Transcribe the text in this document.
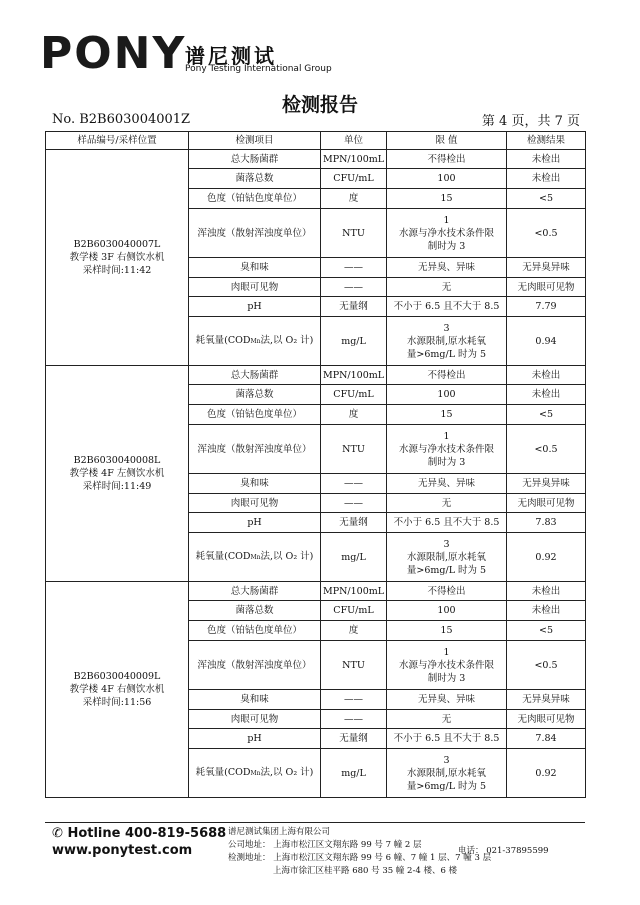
PONY
谱尼测试
Pony Testing International Group
检测报告
No. B2B603004001Z	第 4 页，共 7 页
样品编号/采样位置	检测项目	单位	限 值	检测结果

B2B6030040007L
教学楼 3F 右侧饮水机
采样时间:11:42	总大肠菌群	MPN/100mL	不得检出	未检出
	菌落总数	CFU/mL	100	未检出
	色度（铂钴色度单位）	度	15	<5
	浑浊度（散射浑浊度单位）	NTU	1
水源与净水技术条件限
制时为 3	<0.5
	臭和味	——	无异臭、异味	无异臭异味
	肉眼可见物	——	无	无肉眼可见物
	pH	无量纲	不小于 6.5 且不大于 8.5	7.79
	耗氧量(CODMn法,以 O₂ 计)	mg/L	3
水源限制,原水耗氧
量>6mg/L 时为 5	0.94

B2B6030040008L
教学楼 4F 左侧饮水机
采样时间:11:49	总大肠菌群	MPN/100mL	不得检出	未检出
	菌落总数	CFU/mL	100	未检出
	色度（铂钴色度单位）	度	15	<5
	浑浊度（散射浑浊度单位）	NTU	1
水源与净水技术条件限
制时为 3	<0.5
	臭和味	——	无异臭、异味	无异臭异味
	肉眼可见物	——	无	无肉眼可见物
	pH	无量纲	不小于 6.5 且不大于 8.5	7.83
	耗氧量(CODMn法,以 O₂ 计)	mg/L	3
水源限制,原水耗氧
量>6mg/L 时为 5	0.92

B2B6030040009L
教学楼 4F 右侧饮水机
采样时间:11:56	总大肠菌群	MPN/100mL	不得检出	未检出
	菌落总数	CFU/mL	100	未检出
	色度（铂钴色度单位）	度	15	<5
	浑浊度（散射浑浊度单位）	NTU	1
水源与净水技术条件限
制时为 3	<0.5
	臭和味	——	无异臭、异味	无异臭异味
	肉眼可见物	——	无	无肉眼可见物
	pH	无量纲	不小于 6.5 且不大于 8.5	7.84
	耗氧量(CODMn法,以 O₂ 计)	mg/L	3
水源限制,原水耗氧
量>6mg/L 时为 5	0.92
✆ Hotline 400-819-5688
www.ponytest.com
谱尼测试集团上海有限公司
公司地址： 上海市松江区文翔东路 99 号 7 幢 2 层
检测地址： 上海市松江区文翔东路 99 号 6 幢、7 幢 1 层、7 幢 3 层
上海市徐汇区桂平路 680 号 35 幢 2-4 楼、6 楼
电话： 021-37895599
